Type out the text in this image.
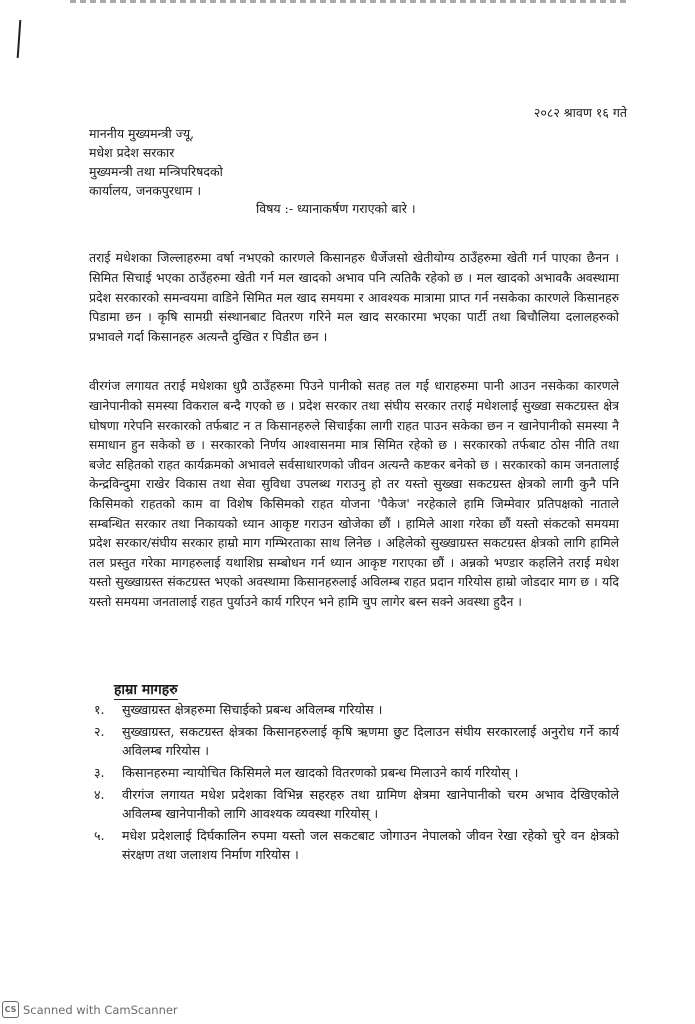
२०८२ श्रावण १६ गते
माननीय मुख्यमन्त्री ज्यू,
मधेश प्रदेश सरकार
मुख्यमन्त्री तथा मन्त्रिपरिषदको
कार्यालय, जनकपुरधाम ।
विषय :- ध्यानाकर्षण गराएको बारे ।

तराई मधेशका जिल्लाहरुमा वर्षा नभएको कारणले किसानहरु धैर्जेजसो खेतीयोग्य ठाउँहरुमा खेती गर्न पाएका छैनन । सिमित सिचाई भएका ठाउँहरुमा खेती गर्न मल खादको अभाव पनि त्यतिकै रहेको छ । मल खादको अभावकै अवस्थामा प्रदेश सरकारको समन्वयमा वाडिने सिमित मल खाद समयमा र आवश्यक मात्रामा प्राप्त गर्न नसकेका कारणले किसानहरु पिडामा छन । कृषि सामग्री संस्थानबाट वितरण गरिने मल खाद सरकारमा भएका पार्टी तथा बिचौलिया दलालहरुको प्रभावले गर्दा किसानहरु अत्यन्तै दुखित र पिडीत छन ।

वीरगंज लगायत तराई मधेशका धुप्रै ठाउँहरुमा पिउने पानीको सतह तल गई धाराहरुमा पानी आउन नसकेका कारणले खानेपानीको समस्या विकराल बन्दै गएको छ । प्रदेश सरकार तथा संघीय सरकार तराई मधेशलाई सुख्खा सकटग्रस्त क्षेत्र घोषणा गरेपनि सरकारको तर्फबाट न त किसानहरुले सिचाईका लागी राहत पाउन सकेका छन न खानेपानीको समस्या नै समाधान हुन सकेको छ । सरकारको निर्णय आश्वासनमा मात्र सिमित रहेको छ । सरकारको तर्फबाट ठोस नीति तथा बजेट सहितको राहत कार्यक्रमको अभावले सर्वसाधारणको जीवन अत्यन्तै कष्टकर बनेको छ । सरकारको काम जनतालाई केन्द्रविन्दुमा राखेर विकास तथा सेवा सुविधा उपलब्ध गराउनु हो तर यस्तो सुख्खा सकटग्रस्त क्षेत्रको लागी कुनै पनि किसिमको राहतको काम वा विशेष किसिमको राहत योजना 'पैकेज' नरहेकाले हामि जिम्मेवार प्रतिपक्षको नाताले सम्बन्धित सरकार तथा निकायको ध्यान आकृष्ट गराउन खोजेका छौं । हामिले आशा गरेका छौं यस्तो संकटको समयमा प्रदेश सरकार/संघीय सरकार हाम्रो माग गम्भिरताका साथ लिनेछ । अहिलेको सुख्खाग्रस्त सकटग्रस्त क्षेत्रको लागि हामिले तल प्रस्तुत गरेका मागहरुलाई यथाशिघ्र सम्बोधन गर्न ध्यान आकृष्ट गराएका छौं । अन्नको भण्डार कहलिने तराई मधेश यस्तो सुख्खाग्रस्त संकटग्रस्त भएको अवस्थामा किसानहरुलाई अविलम्ब राहत प्रदान गरियोस हाम्रो जोडदार माग छ । यदि यस्तो समयमा जनतालाई राहत पुर्याउने कार्य गरिएन भने हामि चुप लागेर बस्न सक्ने अवस्था हुदैन ।

हाम्रा मागहरु
१.	सुख्खाग्रस्त क्षेत्रहरुमा सिचाईको प्रबन्ध अविलम्ब गरियोस ।
२.	सुख्खाग्रस्त, सकटग्रस्त क्षेत्रका किसानहरुलाई कृषि ऋणमा छुट दिलाउन संघीय सरकारलाई अनुरोध गर्ने कार्य अविलम्ब गरियोस ।
३.	किसानहरुमा न्यायोचित किसिमले मल खादको वितरणको प्रबन्ध मिलाउने कार्य गरियोस् ।
४.	वीरगंज लगायत मधेश प्रदेशका विभिन्न सहरहरु तथा ग्रामिण क्षेत्रमा खानेपानीको चरम अभाव देखिएकोले अविलम्ब खानेपानीको लागि आवश्यक व्यवस्था गरियोस् ।
५.	मधेश प्रदेशलाई दिर्घकालिन रुपमा यस्तो जल सकटबाट जोगाउन नेपालको जीवन रेखा रहेको चुरे वन क्षेत्रको संरक्षण तथा जलाशय निर्माण गरियोस ।
CS Scanned with CamScanner
